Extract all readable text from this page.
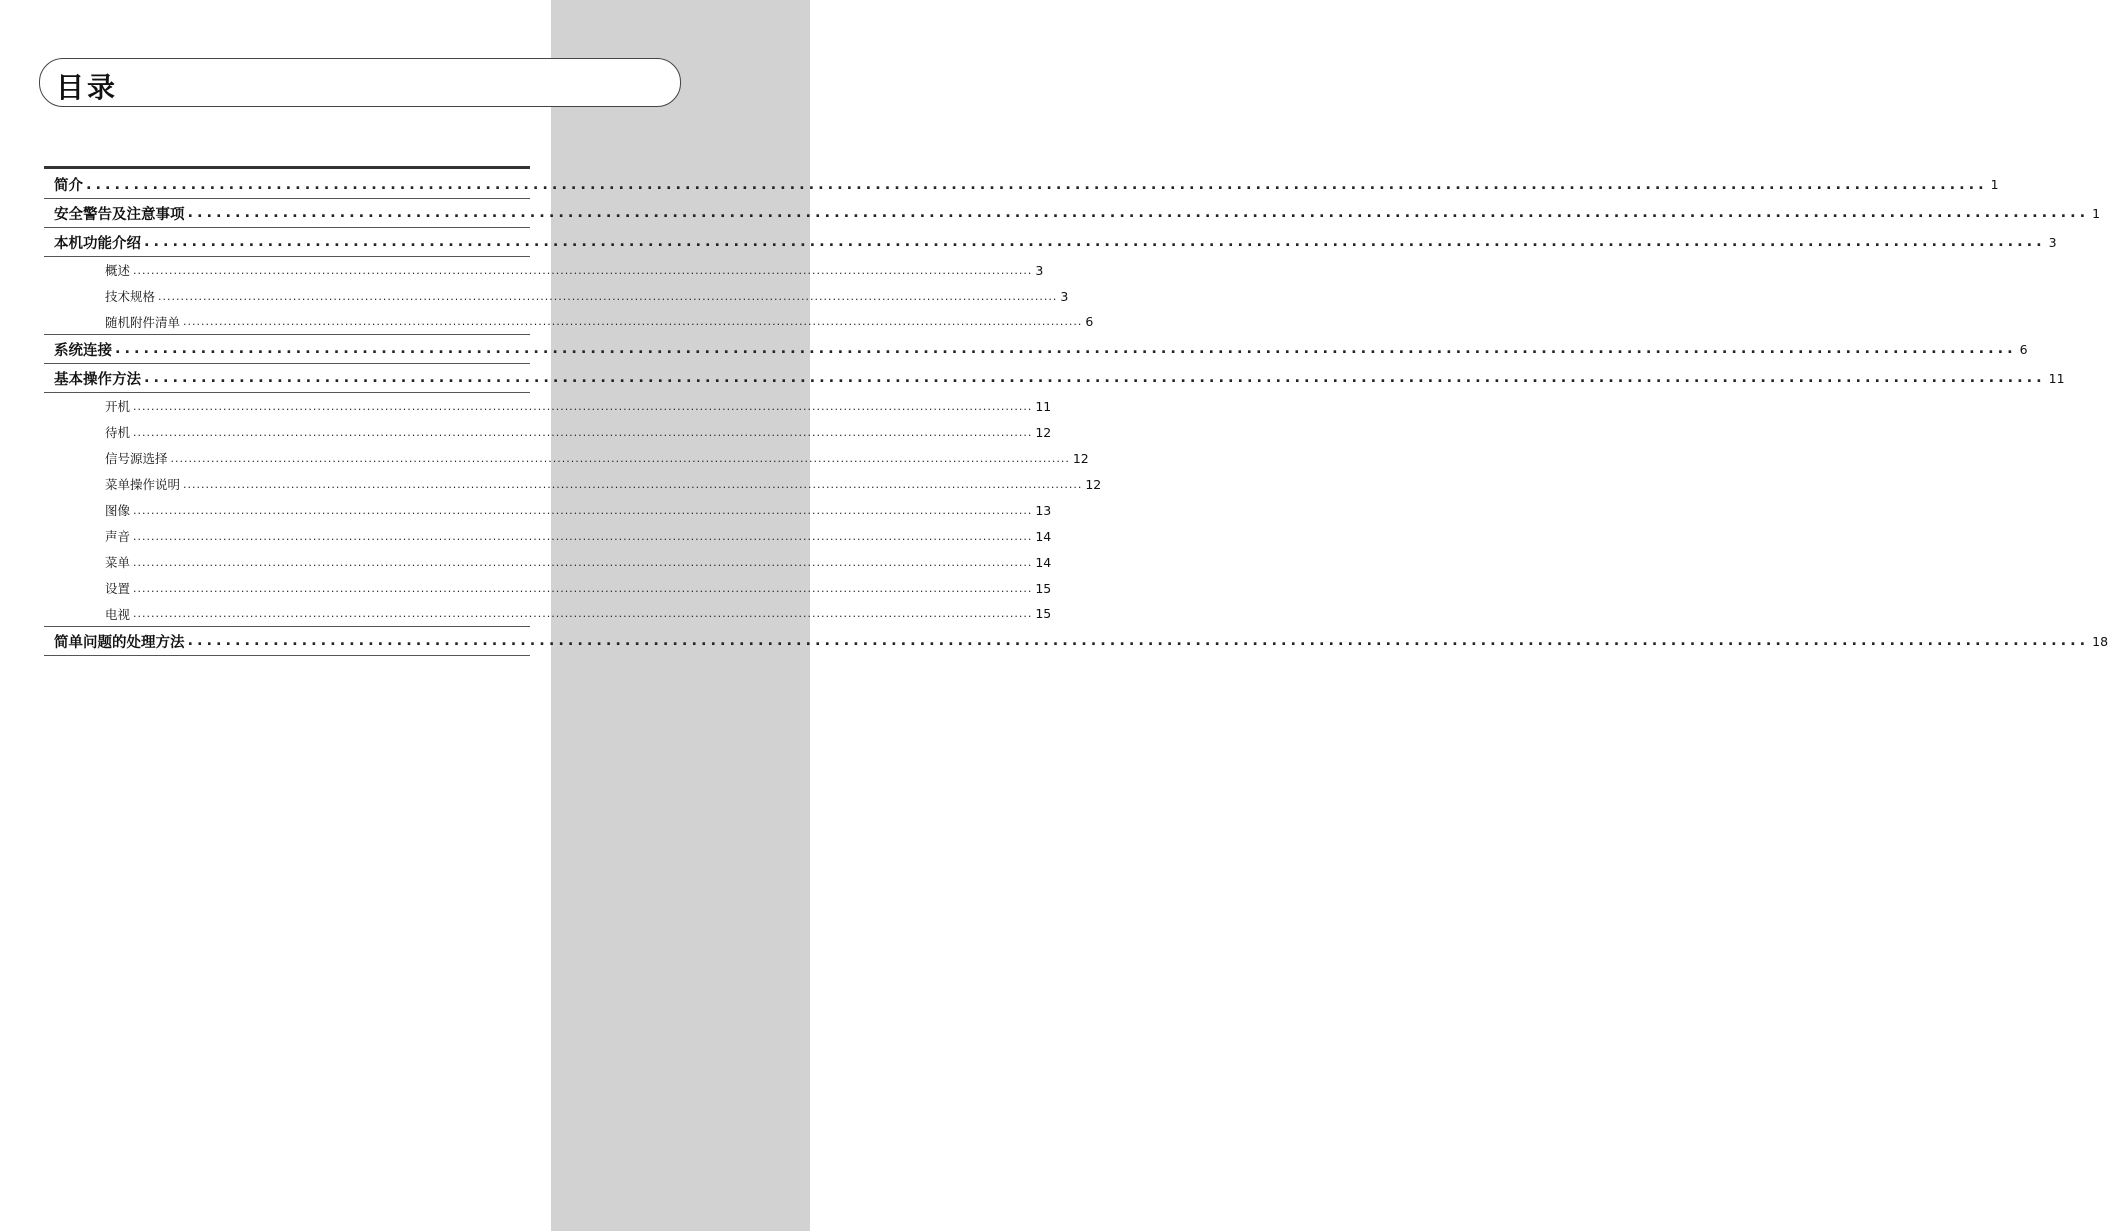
目录
简介 ........................................................................................................................................................................................................ 1
安全警告及注意事项 ........................................................................................................................................................................................................ 1
本机功能介绍 ........................................................................................................................................................................................................ 3
概述 ........................................................................................................................................................................................................ 3
技术规格 ........................................................................................................................................................................................................ 3
随机附件清单 ........................................................................................................................................................................................................ 6
系统连接 ........................................................................................................................................................................................................ 6
基本操作方法 ........................................................................................................................................................................................................ 11
开机 ........................................................................................................................................................................................................ 11
待机 ........................................................................................................................................................................................................ 12
信号源选择 ........................................................................................................................................................................................................ 12
菜单操作说明 ........................................................................................................................................................................................................ 12
图像 ........................................................................................................................................................................................................ 13
声音 ........................................................................................................................................................................................................ 14
菜单 ........................................................................................................................................................................................................ 14
设置 ........................................................................................................................................................................................................ 15
电视 ........................................................................................................................................................................................................ 15
简单问题的处理方法 ........................................................................................................................................................................................................ 18
